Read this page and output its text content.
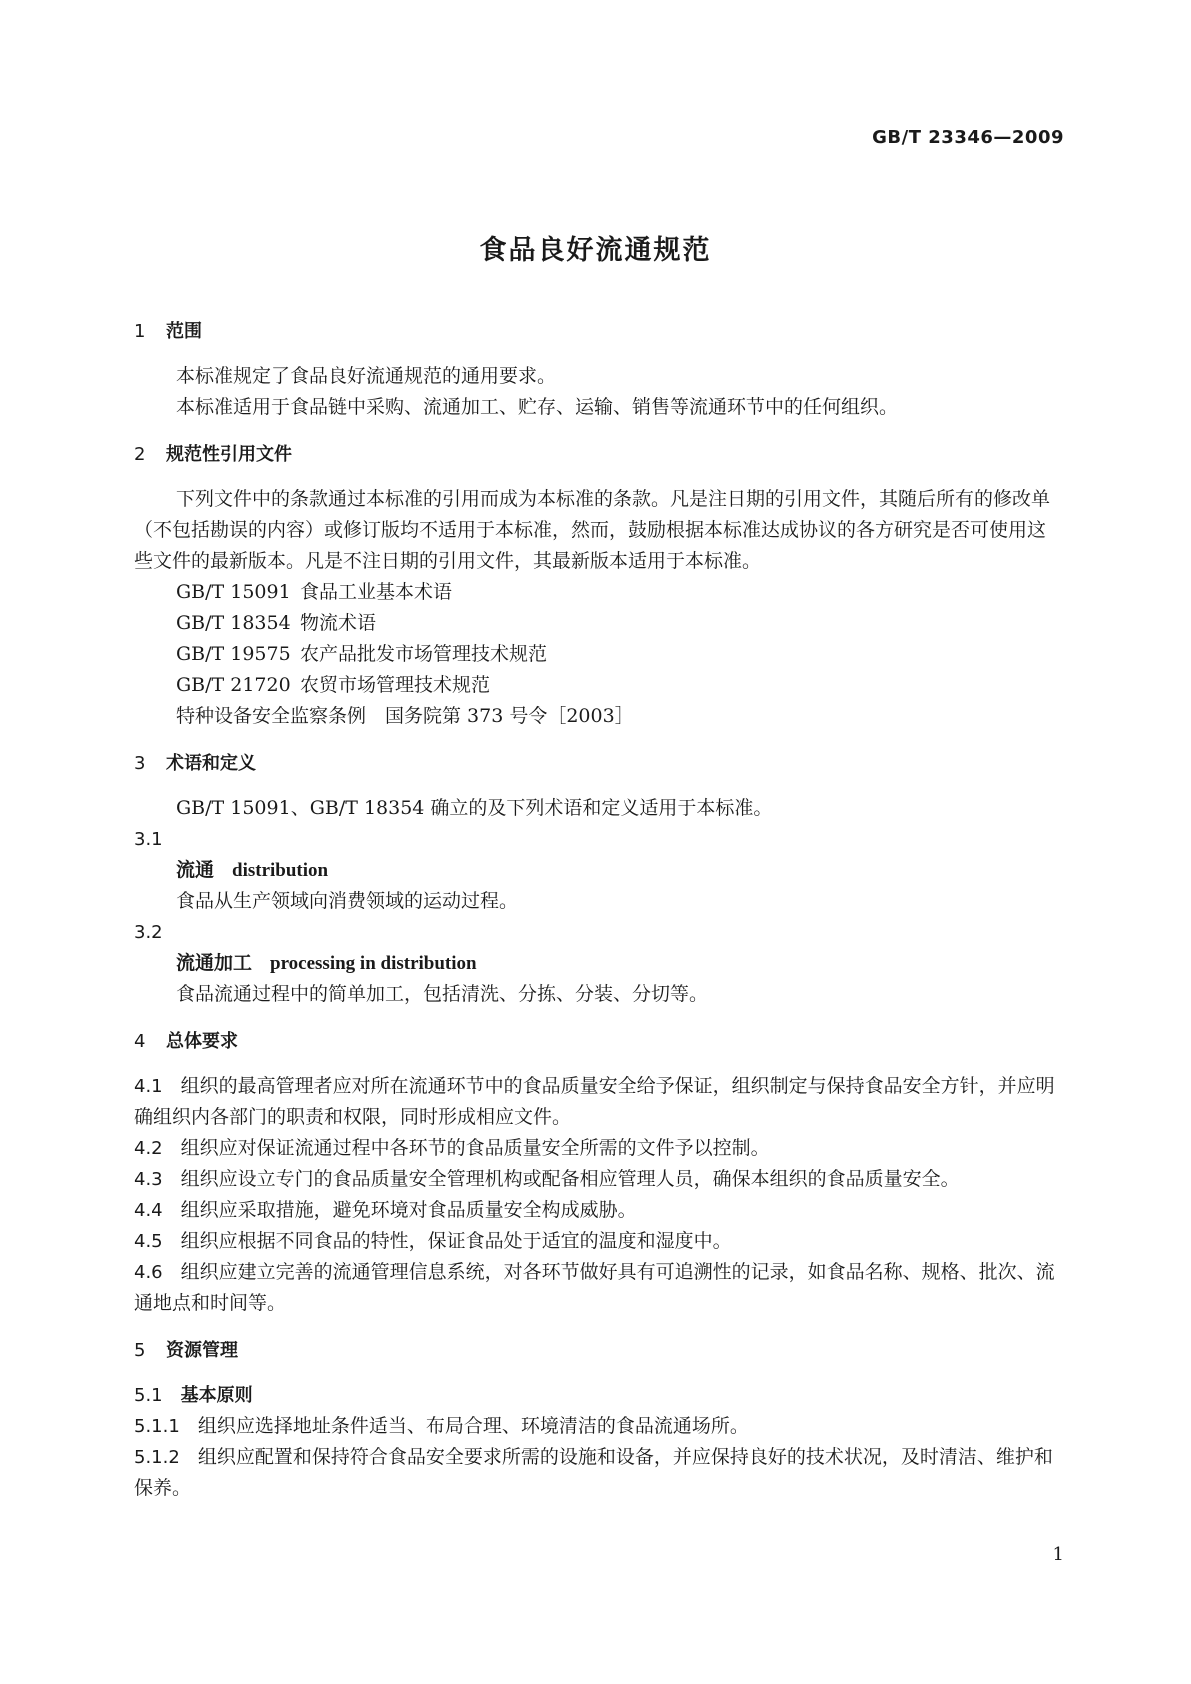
GB/T 23346—2009
食品良好流通规范
1 范围
本标准规定了食品良好流通规范的通用要求。
本标准适用于食品链中采购、流通加工、贮存、运输、销售等流通环节中的任何组织。
2 规范性引用文件
下列文件中的条款通过本标准的引用而成为本标准的条款。凡是注日期的引用文件，其随后所有的修改单（不包括勘误的内容）或修订版均不适用于本标准，然而，鼓励根据本标准达成协议的各方研究是否可使用这些文件的最新版本。凡是不注日期的引用文件，其最新版本适用于本标准。
GB/T 15091 食品工业基本术语
GB/T 18354 物流术语
GB/T 19575 农产品批发市场管理技术规范
GB/T 21720 农贸市场管理技术规范
特种设备安全监察条例　国务院第 373 号令［2003］
3 术语和定义
GB/T 15091、GB/T 18354 确立的及下列术语和定义适用于本标准。
3.1
流通 distribution
食品从生产领域向消费领域的运动过程。
3.2
流通加工 processing in distribution
食品流通过程中的简单加工，包括清洗、分拣、分装、分切等。
4 总体要求
4.1 组织的最高管理者应对所在流通环节中的食品质量安全给予保证，组织制定与保持食品安全方针，并应明确组织内各部门的职责和权限，同时形成相应文件。
4.2 组织应对保证流通过程中各环节的食品质量安全所需的文件予以控制。
4.3 组织应设立专门的食品质量安全管理机构或配备相应管理人员，确保本组织的食品质量安全。
4.4 组织应采取措施，避免环境对食品质量安全构成威胁。
4.5 组织应根据不同食品的特性，保证食品处于适宜的温度和湿度中。
4.6 组织应建立完善的流通管理信息系统，对各环节做好具有可追溯性的记录，如食品名称、规格、批次、流通地点和时间等。
5 资源管理
5.1 基本原则
5.1.1 组织应选择地址条件适当、布局合理、环境清洁的食品流通场所。
5.1.2 组织应配置和保持符合食品安全要求所需的设施和设备，并应保持良好的技术状况，及时清洁、维护和保养。
1
